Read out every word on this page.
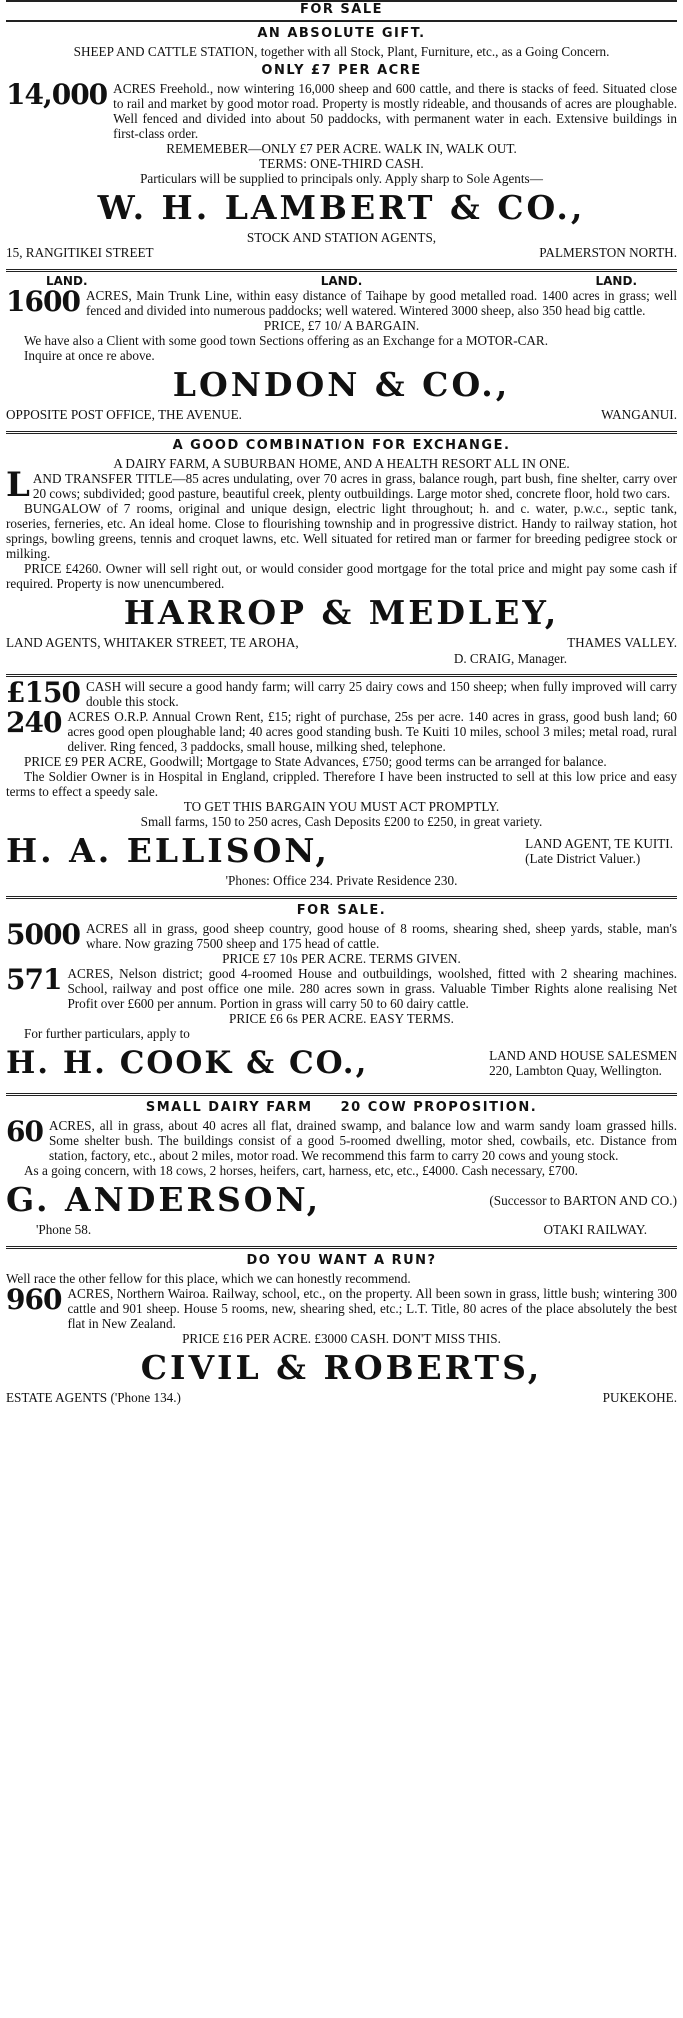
FOR SALE
AN ABSOLUTE GIFT.

SHEEP AND CATTLE STATION, together with all Stock, Plant, Furniture, etc., as a Going Concern.

ONLY £7 PER ACRE
14,000 ACRES Freehold., now wintering 16,000 sheep and 600 cattle, and there is stacks of feed. Situated close to rail and market by good motor road. Property is mostly rideable, and thousands of acres are ploughable. Well fenced and divided into about 50 paddocks, with permanent water in each. Extensive buildings in first-class order.

REMEMEBER—ONLY £7 PER ACRE. WALK IN, WALK OUT.

TERMS: ONE-THIRD CASH.

Particulars will be supplied to principals only. Apply sharp to Sole Agents—

W. H. LAMBERT & CO.,

STOCK AND STATION AGENTS,

15, RANGITIKEI STREET	PALMERSTON NORTH.
LAND.	LAND.	LAND.
1600 ACRES, Main Trunk Line, within easy distance of Taihape by good metalled road. 1400 acres in grass; well fenced and divided into numerous paddocks; well watered. Wintered 3000 sheep, also 350 head big cattle.

PRICE, £7 10/ A BARGAIN.

We have also a Client with some good town Sections offering as an Exchange for a MOTOR-CAR.

Inquire at once re above.

LONDON & CO.,
OPPOSITE POST OFFICE, THE AVENUE.	WANGANUI.
A GOOD COMBINATION FOR EXCHANGE.

A DAIRY FARM, A SUBURBAN HOME, AND A HEALTH RESORT ALL IN ONE.

LAND TRANSFER TITLE—85 acres undulating, over 70 acres in grass, balance rough, part bush, fine shelter, carry over 20 cows; subdivided; good pasture, beautiful creek, plenty outbuildings. Large motor shed, concrete floor, hold two cars.

BUNGALOW of 7 rooms, original and unique design, electric light throughout; h. and c. water, p.w.c., septic tank, roseries, ferneries, etc. An ideal home. Close to flourishing township and in progressive district. Handy to railway station, hot springs, bowling greens, tennis and croquet lawns, etc. Well situated for retired man or farmer for breeding pedigree stock or milking.

PRICE £4260. Owner will sell right out, or would consider good mortgage for the total price and might pay some cash if required. Property is now unencumbered.

HARROP & MEDLEY,
LAND AGENTS, WHITAKER STREET, TE AROHA,	THAMES VALLEY.

D. CRAIG, Manager.

£150 CASH will secure a good handy farm; will carry 25 dairy cows and 150 sheep; when fully improved will carry double this stock.

240 ACRES O.R.P. Annual Crown Rent, £15; right of purchase, 25s per acre. 140 acres in grass, good bush land; 60 acres good open ploughable land; 40 acres good standing bush. Te Kuiti 10 miles, school 3 miles; metal road, rural deliver. Ring fenced, 3 paddocks, small house, milking shed, telephone.

PRICE £9 PER ACRE, Goodwill; Mortgage to State Advances, £750; good terms can be arranged for balance.

The Soldier Owner is in Hospital in England, crippled. Therefore I have been instructed to sell at this low price and easy terms to effect a speedy sale.

TO GET THIS BARGAIN YOU MUST ACT PROMPTLY.

Small farms, 150 to 250 acres, Cash Deposits £200 to £250, in great variety.

H. A. ELLISON,	LAND AGENT, TE KUITI.

(Late District Valuer.)

'Phones: Office 234. Private Residence 230.

FOR SALE.
5000 ACRES all in grass, good sheep country, good house of 8 rooms, shearing shed, sheep yards, stable, man's whare. Now grazing 7500 sheep and 175 head of cattle.

PRICE £7 10s PER ACRE. TERMS GIVEN.

571 ACRES, Nelson district; good 4-roomed House and outbuildings, woolshed, fitted with 2 shearing machines. School, railway and post office one mile. 280 acres sown in grass. Valuable Timber Rights alone realising Net Profit over £600 per annum. Portion in grass will carry 50 to 60 dairy cattle.

PRICE £6 6s PER ACRE. EASY TERMS.

For further particulars, apply to

H. H. COOK & CO.,	LAND AND HOUSE SALESMEN

220, Lambton Quay, Wellington.

SMALL DAIRY FARM 20 COW PROPOSITION.
60 ACRES, all in grass, about 40 acres all flat, drained swamp, and balance low and warm sandy loam grassed hills. Some shelter bush. The buildings consist of a good 5-roomed dwelling, motor shed, cowbails, etc. Distance from station, factory, etc., about 2 miles, motor road. We recommend this farm to carry 20 cows and young stock.

As a going concern, with 18 cows, 2 horses, heifers, cart, harness, etc, etc., £4000. Cash necessary, £700.

G. ANDERSON,	(Successor to BARTON AND CO.)

'Phone 58.	OTAKI RAILWAY.
DO YOU WANT A RUN?

Well race the other fellow for this place, which we can honestly recommend.

960 ACRES, Northern Wairoa. Railway, school, etc., on the property. All been sown in grass, little bush; wintering 300 cattle and 901 sheep. House 5 rooms, new, shearing shed, etc.; L.T. Title, 80 acres of the place absolutely the best flat in New Zealand.

PRICE £16 PER ACRE. £3000 CASH. DON'T MISS THIS.

CIVIL & ROBERTS,
ESTATE AGENTS ('Phone 134.)	PUKEKOHE.
